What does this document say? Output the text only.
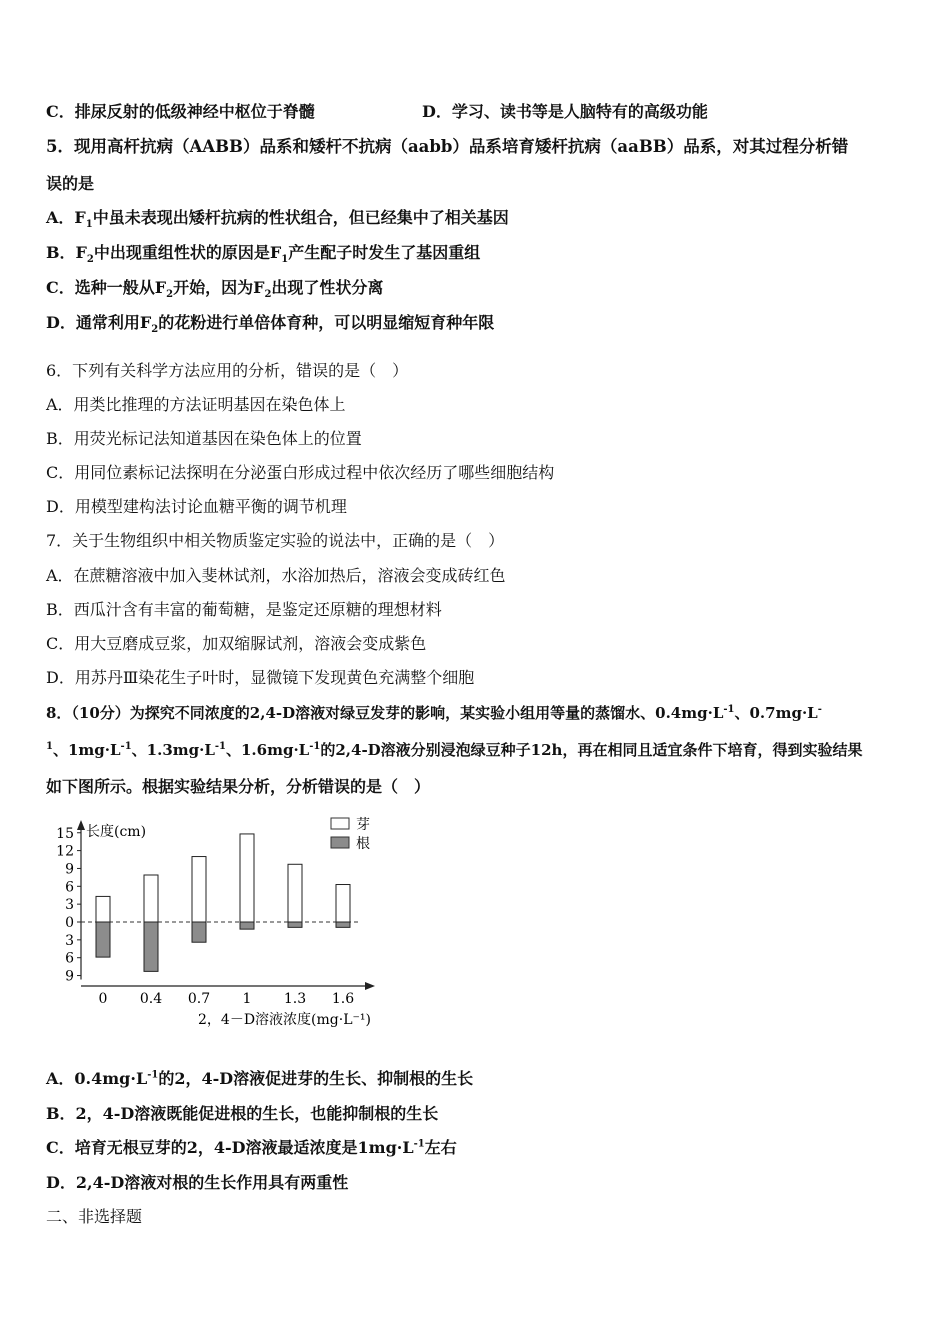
C．排尿反射的低级神经中枢位于脊髓	D．学习、读书等是人脑特有的高级功能
5．现用高杆抗病（AABB）品系和矮杆不抗病（aabb）品系培育矮杆抗病（aaBB）品系，对其过程分析错
误的是
A．$F_1$中虽未表现出矮杆抗病的性状组合，但已经集中了相关基因
B．$F_2$中出现重组性状的原因是$F_1$产生配子时发生了基因重组
C．选种一般从$F_2$开始，因为$F_2$出现了性状分离
D．通常利用$F_2$的花粉进行单倍体育种，可以明显缩短育种年限
6．下列有关科学方法应用的分析，错误的是（　）
A．用类比推理的方法证明基因在染色体上
B．用荧光标记法知道基因在染色体上的位置
C．用同位素标记法探明在分泌蛋白形成过程中依次经历了哪些细胞结构
D．用模型建构法讨论血糖平衡的调节机理
7．关于生物组织中相关物质鉴定实验的说法中，正确的是（　）
A．在蔗糖溶液中加入斐林试剂，水浴加热后，溶液会变成砖红色
B．西瓜汁含有丰富的葡萄糖，是鉴定还原糖的理想材料
C．用大豆磨成豆浆，加双缩脲试剂，溶液会变成紫色
D．用苏丹Ⅲ染花生子叶时，显微镜下发现黄色充满整个细胞
8．（10分）为探究不同浓度的2,4-D溶液对绿豆发芽的影响，某实验小组用等量的蒸馏水、$0.4mg\cdot L^{-1}$、0.7mg·L-
$^1$、$1mg\cdot L^{-1}$、$1.3mg\cdot L^{-1}$、$1.6mg\cdot L^{-1}$的2,4-D溶液分别浸泡绿豆种子12h，再在相同且适宜条件下培育，得到实验结果
如下图所示。根据实验结果分析，分析错误的是（　）
15
12
9
6
3
0
3
6
9
0 0.4 0.7 1 1.3 1.6
长度(cm)	芽
根
2，4－D溶液浓度(mg·L⁻¹)
A．$0.4mg\cdot L^{-1}$的2，4-D溶液促进芽的生长、抑制根的生长
B．2，4-D溶液既能促进根的生长，也能抑制根的生长
C．培育无根豆芽的2，4-D溶液最适浓度是$1mg\cdot L^{-1}$左右
D．2,4-D溶液对根的生长作用具有两重性
二、非选择题
